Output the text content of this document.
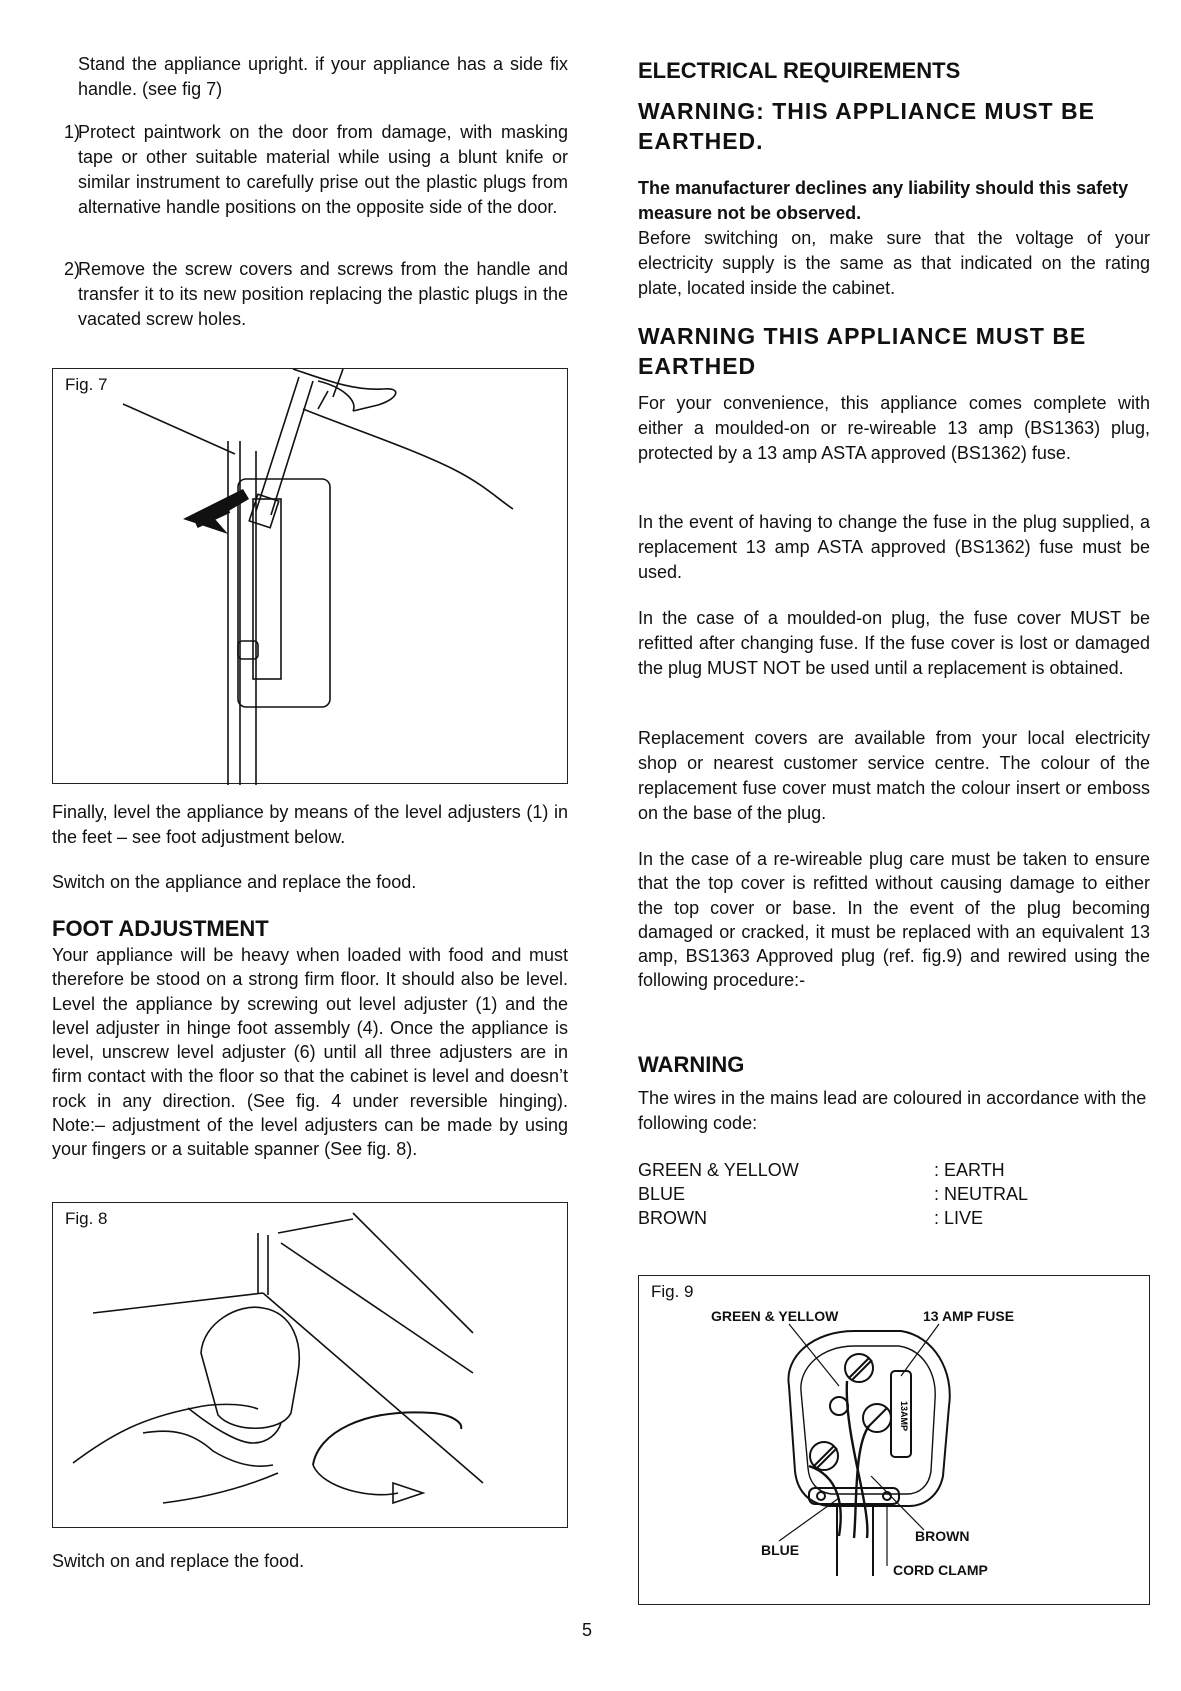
Stand the appliance upright. if your appliance has a side fix handle. (see fig 7)

1)

Protect paintwork on the door from damage, with masking tape or other suitable material while using a blunt knife or similar instrument to carefully prise out the plastic plugs from alternative handle positions on the opposite side of the door.

2)

Remove the screw covers and screws from the handle and transfer it to its new position replacing the plastic plugs in the vacated screw holes.

Fig. 7

Finally, level the appliance by means of the level adjusters (1) in the feet – see foot adjustment below.

Switch on the appliance and replace the food.

FOOT ADJUSTMENT

Your appliance will be heavy when loaded with food and must therefore be stood on a strong firm floor. It should also be level. Level the appliance by screwing out level adjuster (1) and the level adjuster in hinge foot assembly (4). Once the appliance is level, unscrew level adjuster (6) until all three adjusters are in firm contact with the floor so that the cabinet is level and doesn’t rock in any direction. (See fig. 4 under reversible hinging). Note:– adjustment of the level adjusters can be made by using your fingers or a suitable spanner (See fig. 8).

Fig. 8

Switch on and replace the food.

ELECTRICAL REQUIREMENTS
WARNING: THIS APPLIANCE MUST BE EARTHED.

The manufacturer declines any liability should this safety measure not be observed.

Before switching on, make sure that the voltage of your electricity supply is the same as that indicated on the rating plate, located inside the cabinet.

WARNING THIS APPLIANCE MUST BE EARTHED

For your convenience, this appliance comes complete with either a moulded-on or re-wireable 13 amp (BS1363) plug, protected by a 13 amp ASTA approved (BS1362) fuse.

In the event of having to change the fuse in the plug supplied, a replacement 13 amp ASTA approved (BS1362) fuse must be used.

In the case of a moulded-on plug, the fuse cover MUST be refitted after changing fuse. If the fuse cover is lost or damaged the plug MUST NOT be used until a replacement is obtained.

Replacement covers are available from your local electricity shop or nearest customer service centre. The colour of the replacement fuse cover must match the colour insert or emboss on the base of the plug.

In the case of a re-wireable plug care must be taken to ensure that the top cover is refitted without causing damage to either the top cover or base. In the event of the plug becoming damaged or cracked, it must be replaced with an equivalent 13 amp, BS1363 Approved plug (ref. fig.9) and rewired using the following procedure:-

WARNING

The wires in the mains lead are coloured in accordance with the following code:

GREEN & YELLOW	: EARTH
BLUE	: NEUTRAL
BROWN	: LIVE
Fig. 9
GREEN & YELLOW	13 AMP FUSE
BROWN
BLUE
CORD CLAMP
13AMP
5
